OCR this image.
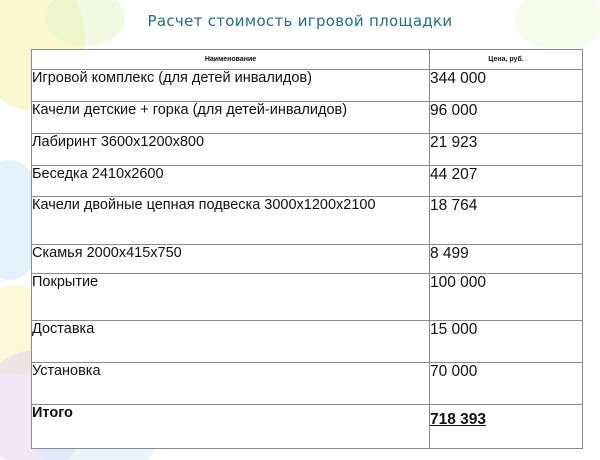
Расчет стоимость игровой площадки
Наименование	Цена, руб.
Игровой комплекс (для детей инвалидов)	344 000
Качели детские + горка (для детей-инвалидов)	96 000
Лабиринт 3600х1200х800	21 923
Беседка 2410х2600	44 207
Качели двойные цепная подвеска 3000х1200х2100	18 764
Скамья 2000х415х750	8 499
Покрытие	100 000
Доставка	15 000
Установка	70 000
Итого	718 393
